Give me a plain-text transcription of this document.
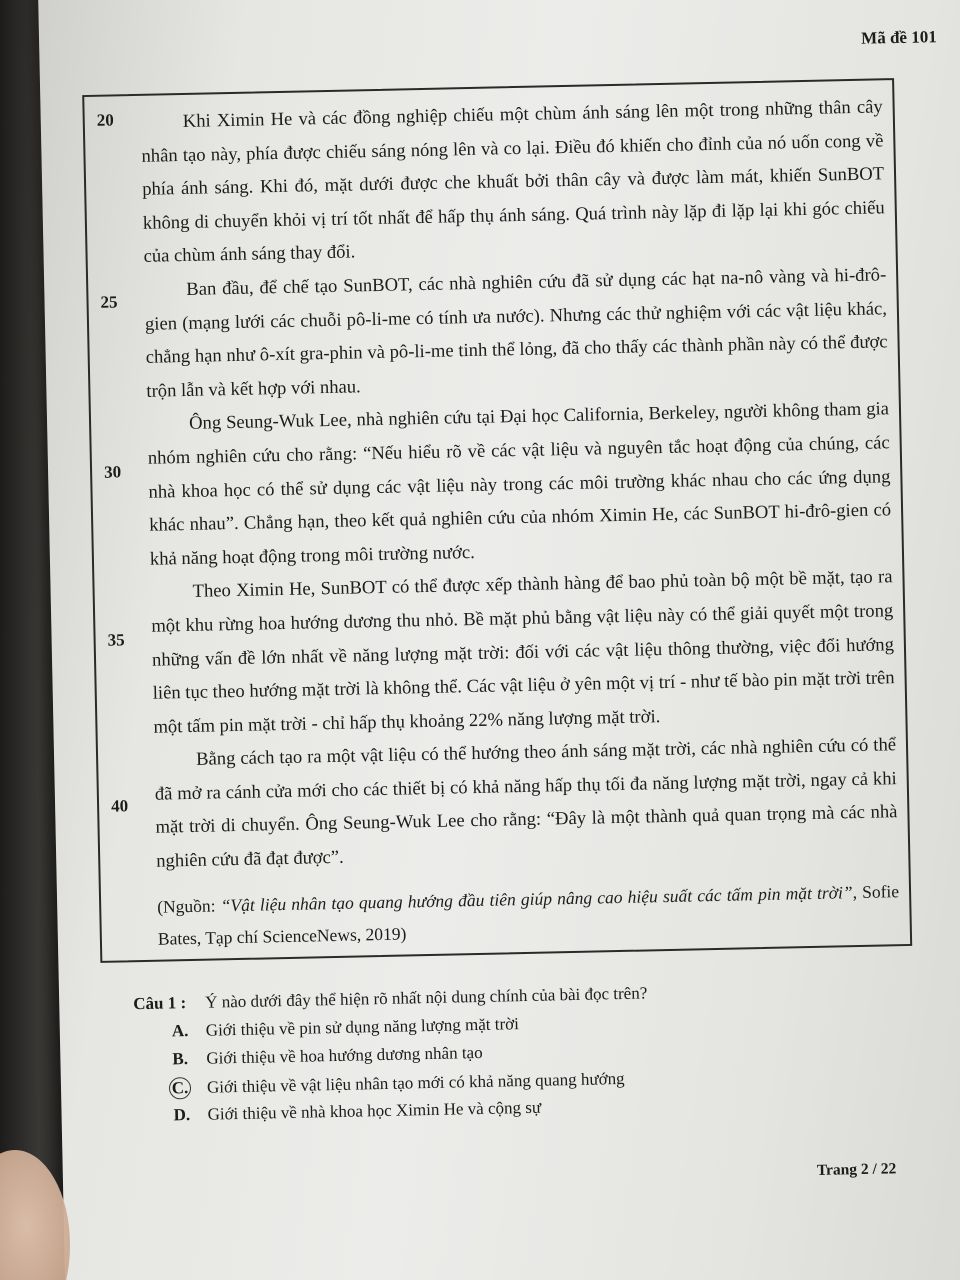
Mã đề 101
20
25
30
35
40

Khi Ximin He và các đồng nghiệp chiếu một chùm ánh sáng lên một trong những thân cây nhân tạo này, phía được chiếu sáng nóng lên và co lại. Điều đó khiến cho đỉnh của nó uốn cong về phía ánh sáng. Khi đó, mặt dưới được che khuất bởi thân cây và được làm mát, khiến SunBOT không di chuyển khỏi vị trí tốt nhất để hấp thụ ánh sáng. Quá trình này lặp đi lặp lại khi góc chiếu của chùm ánh sáng thay đổi.

Ban đầu, để chế tạo SunBOT, các nhà nghiên cứu đã sử dụng các hạt na-nô vàng và hi-đrô-gien (mạng lưới các chuỗi pô-li-me có tính ưa nước). Nhưng các thử nghiệm với các vật liệu khác, chẳng hạn như ô-xít gra-phin và pô-li-me tinh thể lỏng, đã cho thấy các thành phần này có thể được trộn lẫn và kết hợp với nhau.

Ông Seung-Wuk Lee, nhà nghiên cứu tại Đại học California, Berkeley, người không tham gia nhóm nghiên cứu cho rằng: “Nếu hiểu rõ về các vật liệu và nguyên tắc hoạt động của chúng, các nhà khoa học có thể sử dụng các vật liệu này trong các môi trường khác nhau cho các ứng dụng khác nhau”. Chẳng hạn, theo kết quả nghiên cứu của nhóm Ximin He, các SunBOT hi-đrô-gien có khả năng hoạt động trong môi trường nước.

Theo Ximin He, SunBOT có thể được xếp thành hàng để bao phủ toàn bộ một bề mặt, tạo ra một khu rừng hoa hướng dương thu nhỏ. Bề mặt phủ bằng vật liệu này có thể giải quyết một trong những vấn đề lớn nhất về năng lượng mặt trời: đối với các vật liệu thông thường, việc đổi hướng liên tục theo hướng mặt trời là không thể. Các vật liệu ở yên một vị trí - như tế bào pin mặt trời trên một tấm pin mặt trời - chỉ hấp thụ khoảng 22% năng lượng mặt trời.

Bằng cách tạo ra một vật liệu có thể hướng theo ánh sáng mặt trời, các nhà nghiên cứu có thể đã mở ra cánh cửa mới cho các thiết bị có khả năng hấp thụ tối đa năng lượng mặt trời, ngay cả khi mặt trời di chuyển. Ông Seung-Wuk Lee cho rằng: “Đây là một thành quả quan trọng mà các nhà nghiên cứu đã đạt được”.

(Nguồn: “Vật liệu nhân tạo quang hướng đầu tiên giúp nâng cao hiệu suất các tấm pin mặt trời”, Sofie Bates, Tạp chí ScienceNews, 2019)

Câu 1 :	Ý nào dưới đây thể hiện rõ nhất nội dung chính của bài đọc trên?
A.	Giới thiệu về pin sử dụng năng lượng mặt trời
B.	Giới thiệu về hoa hướng dương nhân tạo
C.	Giới thiệu về vật liệu nhân tạo mới có khả năng quang hướng
D.	Giới thiệu về nhà khoa học Ximin He và cộng sự
Trang 2 / 22
